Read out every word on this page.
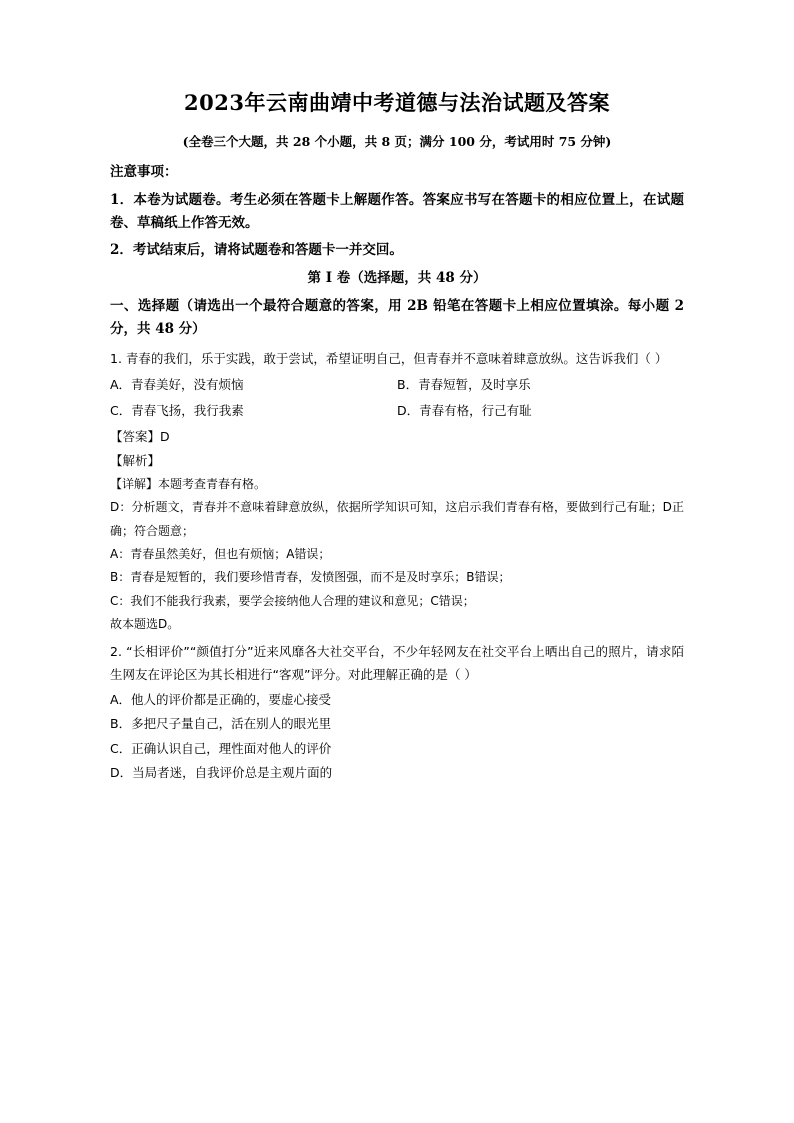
2023年云南曲靖中考道德与法治试题及答案
(全卷三个大题，共 28 个小题，共 8 页；满分 100 分，考试用时 75 分钟)
注意事项：
1．本卷为试题卷。考生必须在答题卡上解题作答。答案应书写在答题卡的相应位置上，在试题卷、草稿纸上作答无效。
2．考试结束后，请将试题卷和答题卡一并交回。
第 I 卷（选择题，共 48 分）
一、选择题（请选出一个最符合题意的答案，用 2B 铅笔在答题卡上相应位置填涂。每小题 2 分，共 48 分）
1. 青春的我们，乐于实践，敢于尝试，希望证明自己，但青春并不意味着肆意放纵。这告诉我们（ ）
A．青春美好，没有烦恼	B．青春短暂，及时享乐
C．青春飞扬，我行我素	D．青春有格，行己有耻
【答案】D
【解析】
【详解】本题考查青春有格。
D：分析题文，青春并不意味着肆意放纵，依据所学知识可知，这启示我们青春有格，要做到行己有耻；D正确；符合题意；
A：青春虽然美好，但也有烦恼；A错误；
B：青春是短暂的，我们要珍惜青春，发愤图强，而不是及时享乐；B错误；
C：我们不能我行我素，要学会接纳他人合理的建议和意见；C错误；
故本题选D。
2. “长相评价”“颜值打分”近来风靡各大社交平台，不少年轻网友在社交平台上晒出自己的照片，请求陌生网友在评论区为其长相进行“客观”评分。对此理解正确的是（ ）
A．他人的评价都是正确的，要虚心接受
B．多把尺子量自己，活在别人的眼光里
C．正确认识自己，理性面对他人的评价
D．当局者迷，自我评价总是主观片面的
